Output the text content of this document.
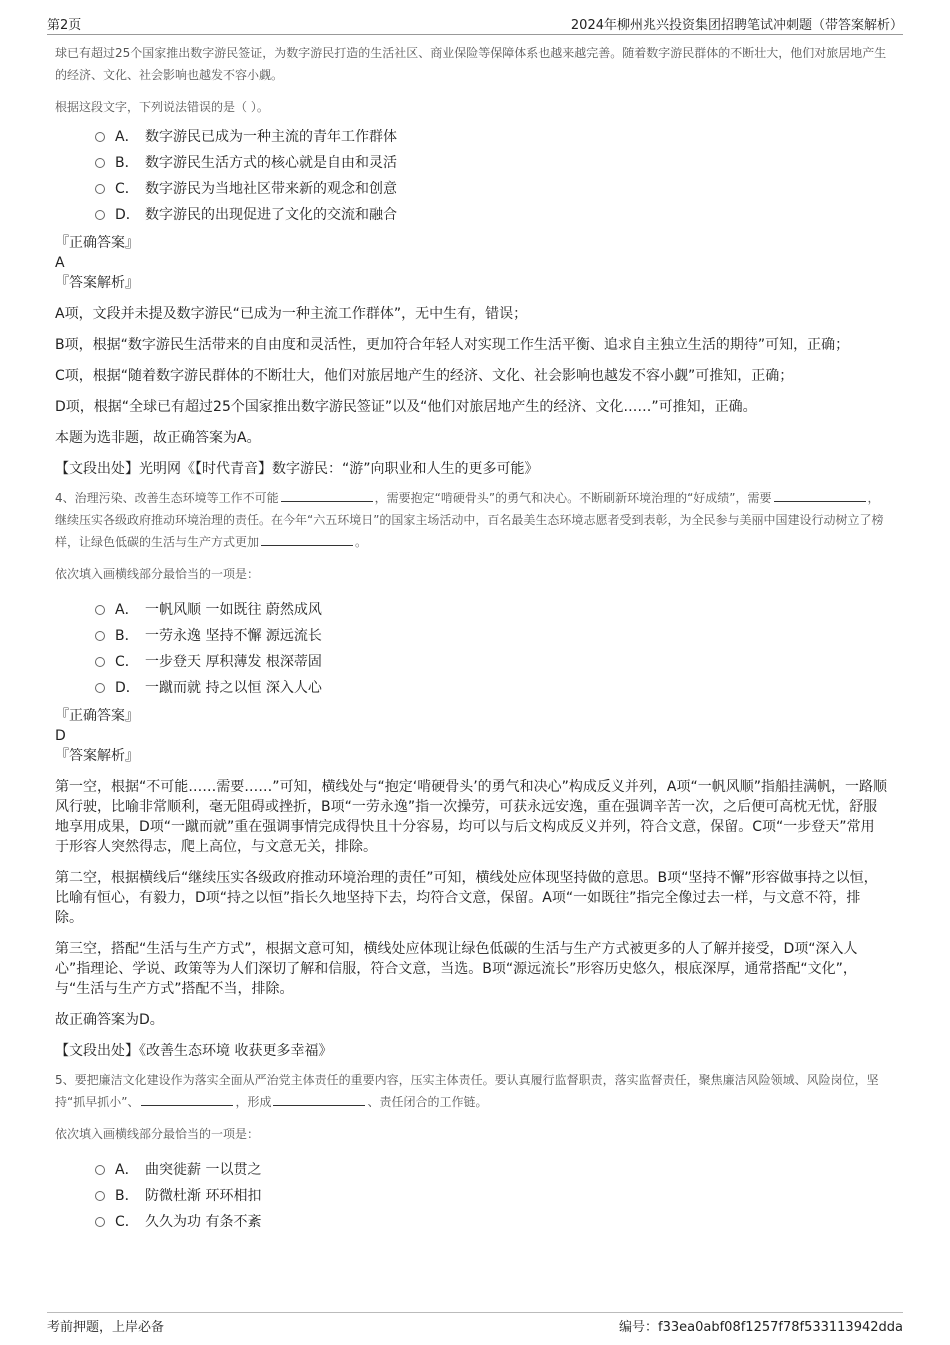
第2页	2024年柳州兆兴投资集团招聘笔试冲刺题（带答案解析）

球已有超过25个国家推出数字游民签证，为数字游民打造的生活社区、商业保险等保障体系也越来越完善。随着数字游民群体的不断壮大，他们对旅居地产生的经济、文化、社会影响也越发不容小觑。

根据这段文字，下列说法错误的是（ ）。

A． 数字游民已成为一种主流的青年工作群体
B． 数字游民生活方式的核心就是自由和灵活
C． 数字游民为当地社区带来新的观念和创意
D． 数字游民的出现促进了文化的交流和融合

『正确答案』

A

『答案解析』

A项，文段并未提及数字游民“已成为一种主流工作群体”，无中生有，错误；

B项，根据“数字游民生活带来的自由度和灵活性，更加符合年轻人对实现工作生活平衡、追求自主独立生活的期待”可知，正确；

C项，根据“随着数字游民群体的不断壮大，他们对旅居地产生的经济、文化、社会影响也越发不容小觑”可推知，正确；

D项，根据“全球已有超过25个国家推出数字游民签证”以及“他们对旅居地产生的经济、文化……”可推知，正确。

本题为选非题，故正确答案为A。

【文段出处】光明网《【时代青音】数字游民：“游”向职业和人生的更多可能》

4、治理污染、改善生态环境等工作不可能	，需要抱定“啃硬骨头”的勇气和决心。不断刷新环境治理的“好成绩”，需要	，继续压实各级政府推动环境治理的责任。在今年“六五环境日”的国家主场活动中，百名最美生态环境志愿者受到表彰，为全民参与美丽中国建设行动树立了榜样，让绿色低碳的生活与生产方式更加	。

依次填入画横线部分最恰当的一项是：

A． 一帆风顺 一如既往 蔚然成风
B． 一劳永逸 坚持不懈 源远流长
C． 一步登天 厚积薄发 根深蒂固
D． 一蹴而就 持之以恒 深入人心

『正确答案』

D

『答案解析』

第一空，根据“不可能……需要……”可知，横线处与“抱定‘啃硬骨头’的勇气和决心”构成反义并列，A项“一帆风顺”指船挂满帆，一路顺风行驶，比喻非常顺利，毫无阻碍或挫折，B项“一劳永逸”指一次操劳，可获永远安逸，重在强调辛苦一次，之后便可高枕无忧，舒服地享用成果，D项“一蹴而就”重在强调事情完成得快且十分容易，均可以与后文构成反义并列，符合文意，保留。C项“一步登天”常用于形容人突然得志，爬上高位，与文意无关，排除。

第二空，根据横线后“继续压实各级政府推动环境治理的责任”可知，横线处应体现坚持做的意思。B项“坚持不懈”形容做事持之以恒，比喻有恒心，有毅力，D项“持之以恒”指长久地坚持下去，均符合文意，保留。A项“一如既往”指完全像过去一样，与文意不符，排除。

第三空，搭配“生活与生产方式”，根据文意可知，横线处应体现让绿色低碳的生活与生产方式被更多的人了解并接受，D项“深入人心”指理论、学说、政策等为人们深切了解和信服，符合文意，当选。B项“源远流长”形容历史悠久，根底深厚，通常搭配“文化”，与“生活与生产方式”搭配不当，排除。

故正确答案为D。

【文段出处】《改善生态环境 收获更多幸福》

5、要把廉洁文化建设作为落实全面从严治党主体责任的重要内容，压实主体责任。要认真履行监督职责，落实监督责任，聚焦廉洁风险领域、风险岗位，坚持“抓早抓小”、	，形成	、责任闭合的工作链。

依次填入画横线部分最恰当的一项是：

A． 曲突徙薪 一以贯之
B． 防微杜渐 环环相扣
C． 久久为功 有条不紊
考前押题，上岸必备	编号：f33ea0abf08f1257f78f533113942dda
